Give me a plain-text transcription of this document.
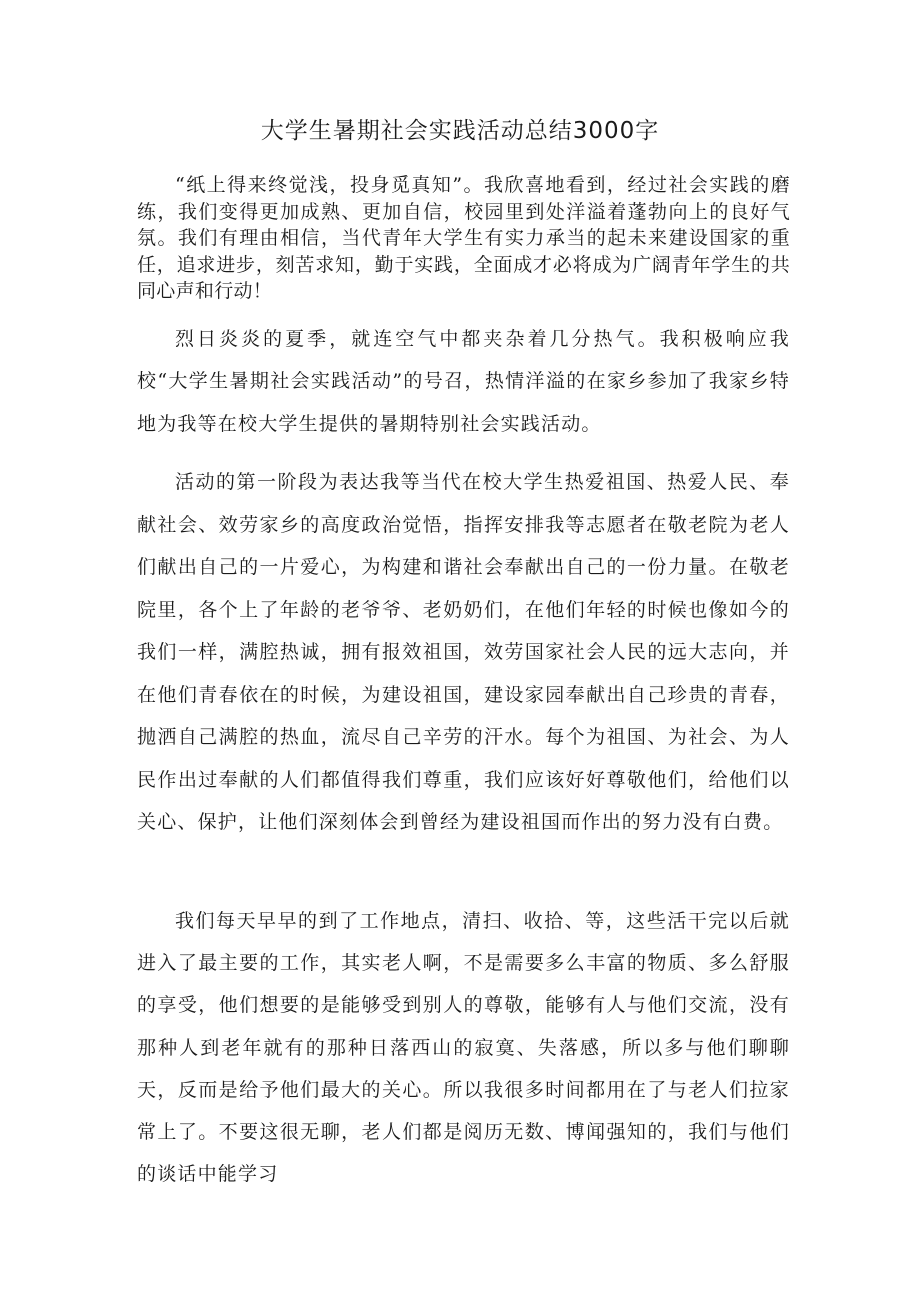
大学生暑期社会实践活动总结3000字

“纸上得来终觉浅，投身觅真知”。我欣喜地看到，经过社会实践的磨练，我们变得更加成熟、更加自信，校园里到处洋溢着蓬勃向上的良好气氛。我们有理由相信，当代青年大学生有实力承当的起未来建设国家的重任，追求进步，刻苦求知，勤于实践，全面成才必将成为广阔青年学生的共同心声和行动！

烈日炎炎的夏季，就连空气中都夹杂着几分热气。我积极响应我校“大学生暑期社会实践活动”的号召，热情洋溢的在家乡参加了我家乡特地为我等在校大学生提供的暑期特别社会实践活动。

活动的第一阶段为表达我等当代在校大学生热爱祖国、热爱人民、奉献社会、效劳家乡的高度政治觉悟，指挥安排我等志愿者在敬老院为老人们献出自己的一片爱心，为构建和谐社会奉献出自己的一份力量。在敬老院里，各个上了年龄的老爷爷、老奶奶们，在他们年轻的时候也像如今的我们一样，满腔热诚，拥有报效祖国，效劳国家社会人民的远大志向，并在他们青春依在的时候，为建设祖国，建设家园奉献出自己珍贵的青春，抛洒自己满腔的热血，流尽自己辛劳的汗水。每个为祖国、为社会、为人民作出过奉献的人们都值得我们尊重，我们应该好好尊敬他们，给他们以关心、保护，让他们深刻体会到曾经为建设祖国而作出的努力没有白费。

我们每天早早的到了工作地点，清扫、收拾、等，这些活干完以后就进入了最主要的工作，其实老人啊，不是需要多么丰富的物质、多么舒服的享受，他们想要的是能够受到别人的尊敬，能够有人与他们交流，没有那种人到老年就有的那种日落西山的寂寞、失落感，所以多与他们聊聊天，反而是给予他们最大的关心。所以我很多时间都用在了与老人们拉家常上了。不要这很无聊，老人们都是阅历无数、博闻强知的，我们与他们的谈话中能学习
